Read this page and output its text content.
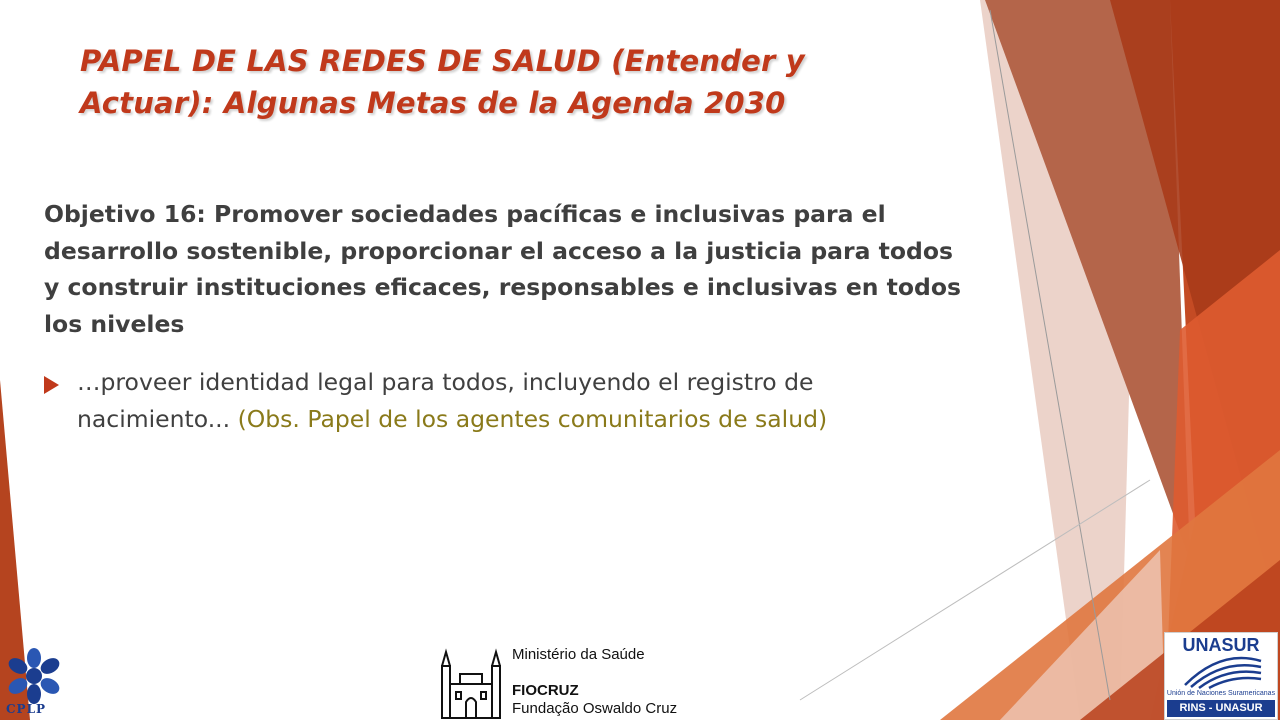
PAPEL DE LAS REDES DE SALUD (Entender y
Actuar): Algunas Metas de la Agenda 2030
Objetivo 16: Promover sociedades pacíficas e inclusivas para el desarrollo sostenible, proporcionar el acceso a la justicia para todos y construir instituciones eficaces, responsables e inclusivas en todos los niveles
…proveer identidad legal para todos, incluyendo el registro de nacimiento... (Obs. Papel de los agentes comunitarios de salud)
CPLP
Ministério da Saúde
FIOCRUZ
Fundação Oswaldo Cruz
UNASUR
Unión de Naciones Suramericanas
RINS - UNASUR
